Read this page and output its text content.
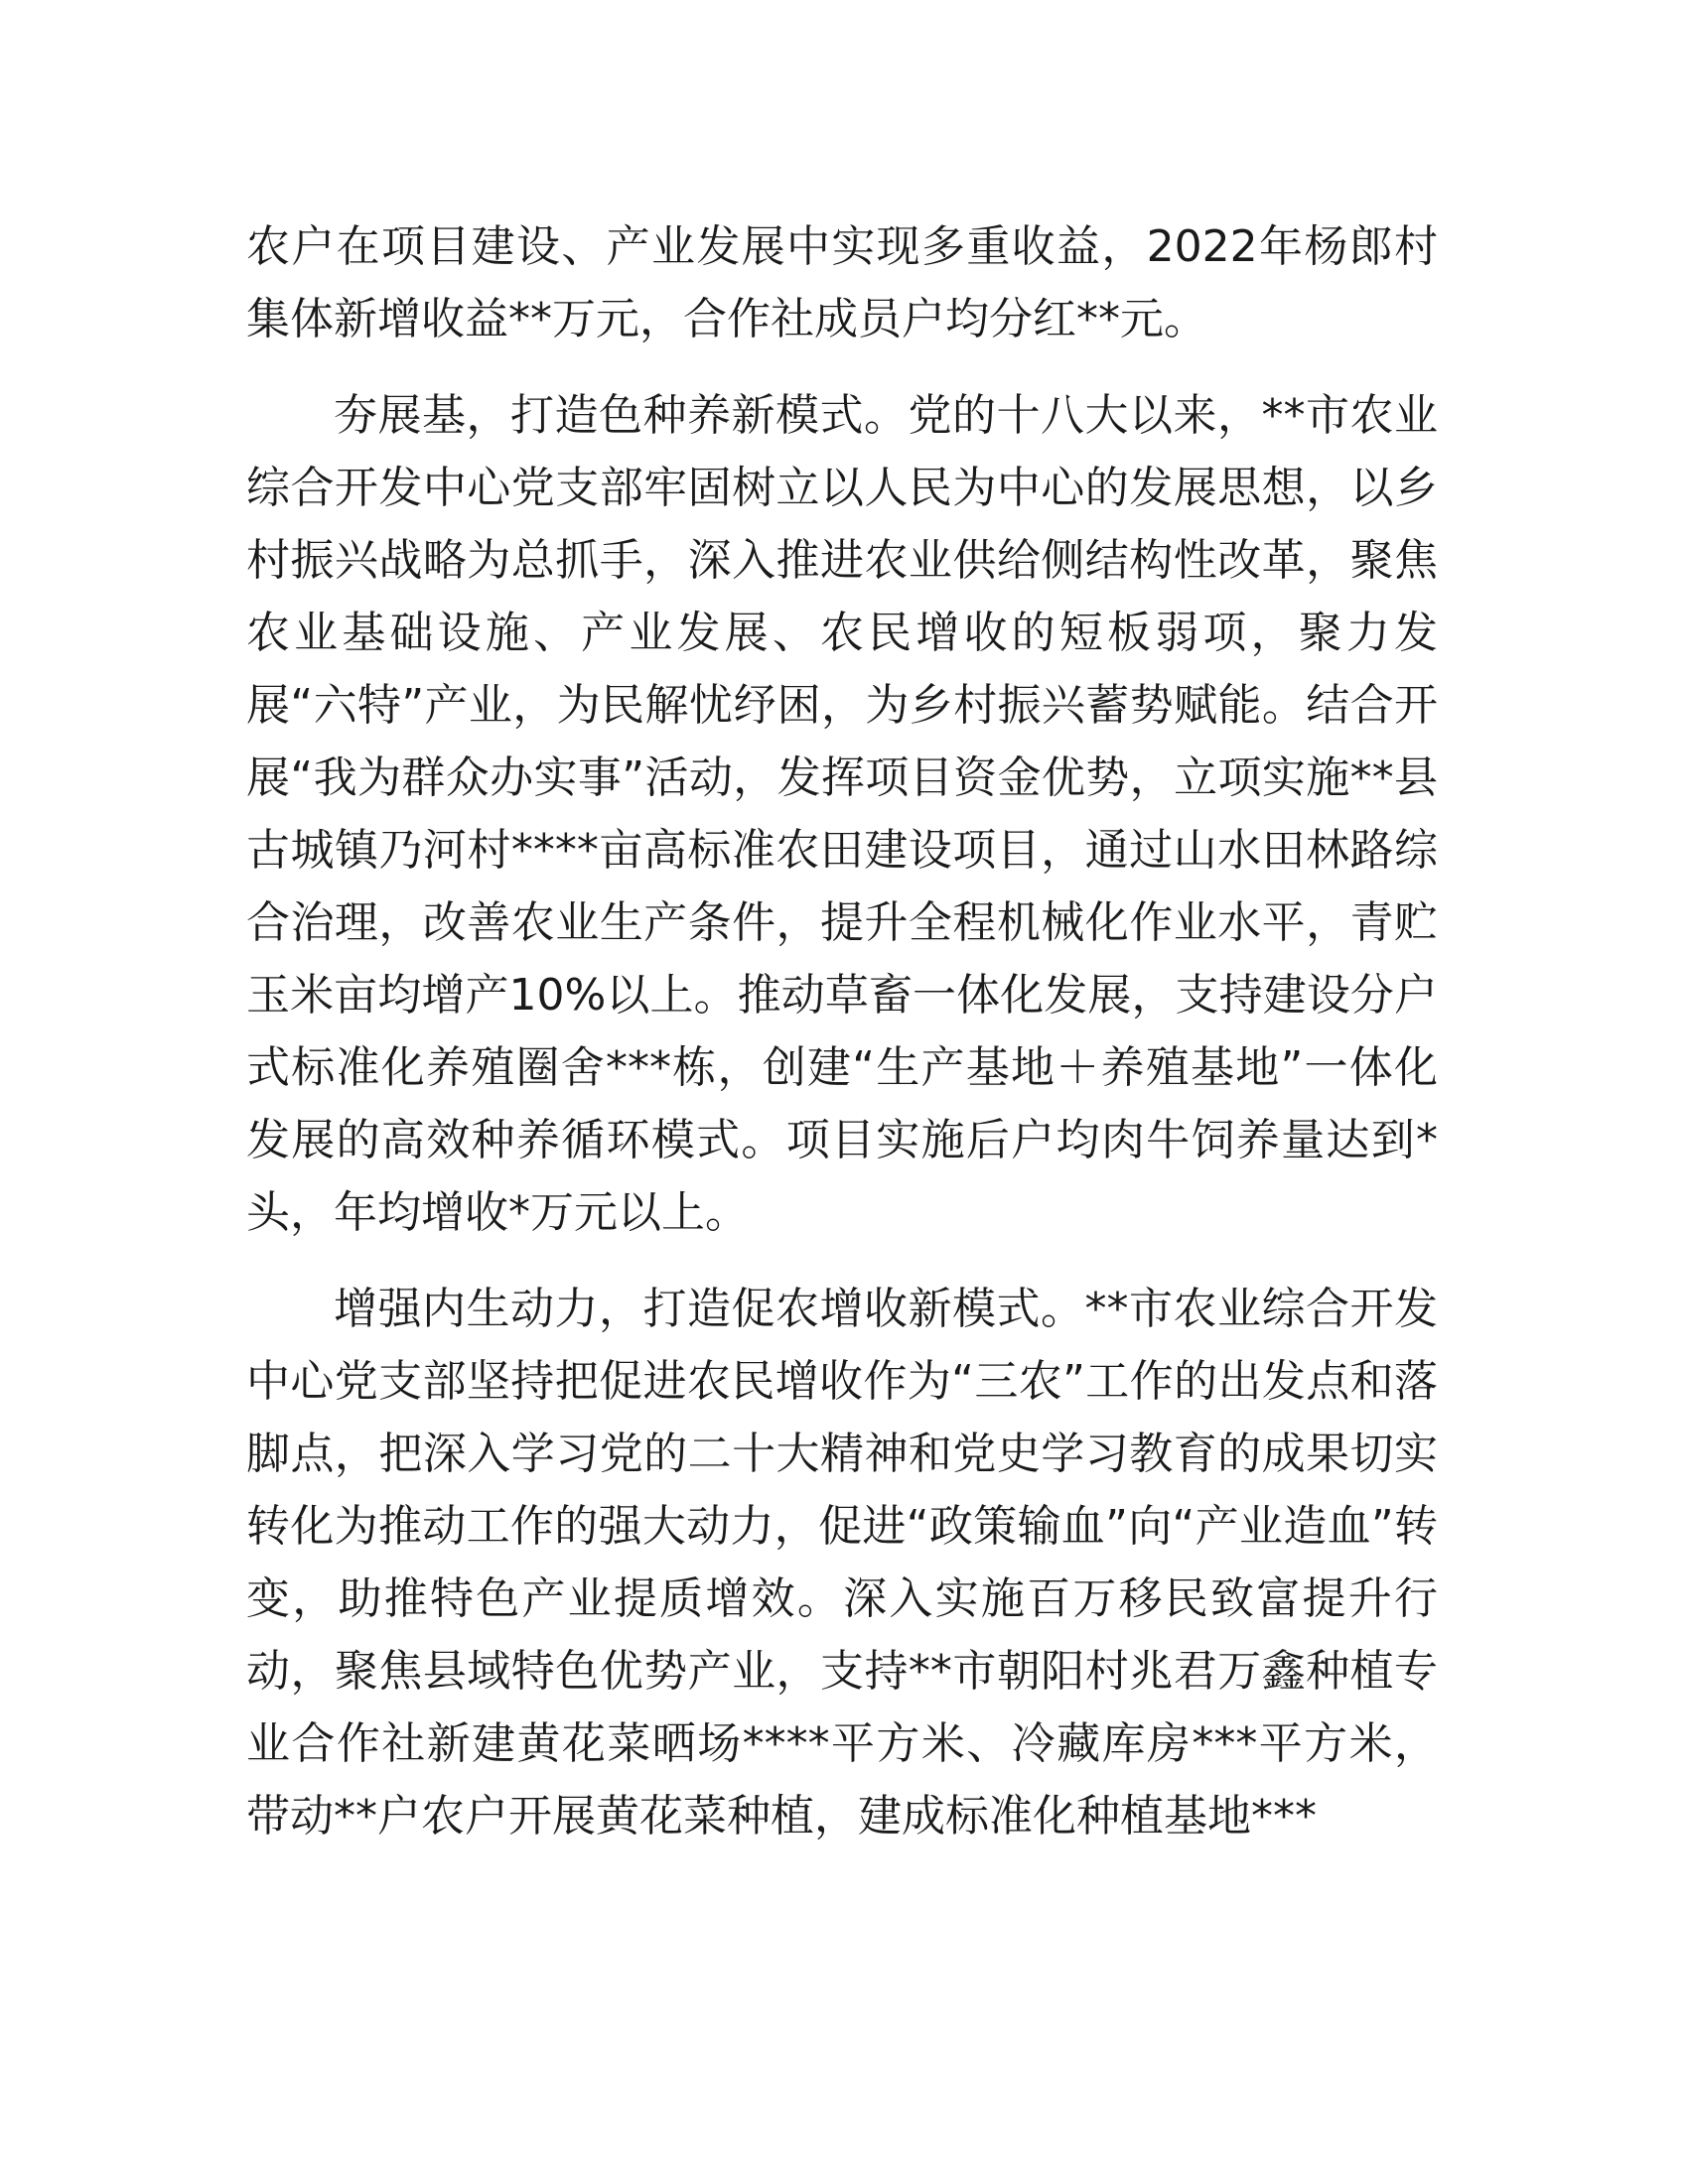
农户在项目建设、产业发展中实现多重收益，2022年杨郎村集体新增收益**万元，合作社成员户均分红**元。

夯展基，打造色种养新模式。党的十八大以来，**市农业综合开发中心党支部牢固树立以人民为中心的发展思想，以乡村振兴战略为总抓手，深入推进农业供给侧结构性改革，聚焦农业基础设施、产业发展、农民增收的短板弱项，聚力发展“六特”产业，为民解忧纾困，为乡村振兴蓄势赋能。结合开展“我为群众办实事”活动，发挥项目资金优势，立项实施**县古城镇乃河村****亩高标准农田建设项目，通过山水田林路综合治理，改善农业生产条件，提升全程机械化作业水平，青贮玉米亩均增产10%以上。推动草畜一体化发展，支持建设分户式标准化养殖圈舍***栋，创建“生产基地＋养殖基地”一体化发展的高效种养循环模式。项目实施后户均肉牛饲养量达到*头，年均增收*万元以上。

增强内生动力，打造促农增收新模式。**市农业综合开发中心党支部坚持把促进农民增收作为“三农”工作的出发点和落脚点，把深入学习党的二十大精神和党史学习教育的成果切实转化为推动工作的强大动力，促进“政策输血”向“产业造血”转变，助推特色产业提质增效。深入实施百万移民致富提升行动，聚焦县域特色优势产业，支持**市朝阳村兆君万鑫种植专业合作社新建黄花菜晒场****平方米、冷藏库房***平方米，带动**户农户开展黄花菜种植，建成标准化种植基地***
